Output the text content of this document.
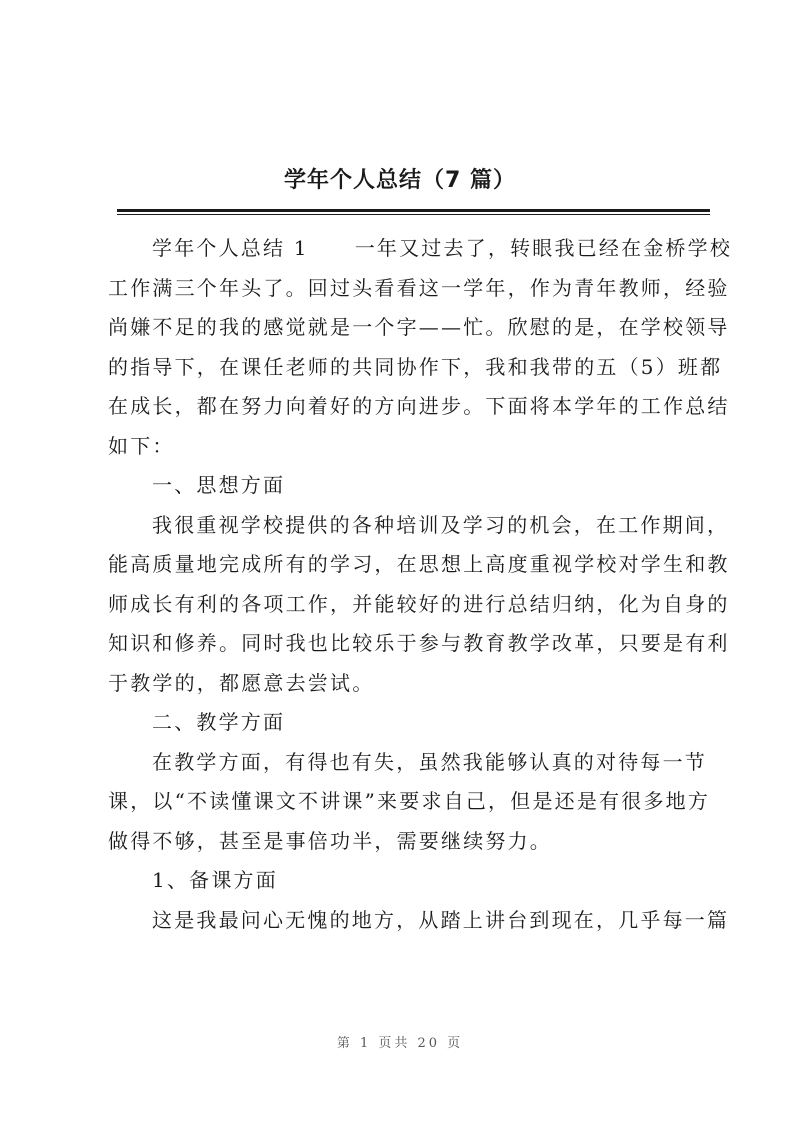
学年个人总结（7 篇）
学年个人总结 1 一年又过去了，转眼我已经在金桥学校
工作满三个年头了。回过头看看这一学年，作为青年教师，经验
尚嫌不足的我的感觉就是一个字——忙。欣慰的是，在学校领导
的指导下，在课任老师的共同协作下，我和我带的五（5）班都
在成长，都在努力向着好的方向进步。下面将本学年的工作总结
如下：
一、思想方面
我很重视学校提供的各种培训及学习的机会，在工作期间，
能高质量地完成所有的学习，在思想上高度重视学校对学生和教
师成长有利的各项工作，并能较好的进行总结归纳，化为自身的
知识和修养。同时我也比较乐于参与教育教学改革，只要是有利
于教学的，都愿意去尝试。
二、教学方面
在教学方面，有得也有失，虽然我能够认真的对待每一节
课，以“不读懂课文不讲课”来要求自己，但是还是有很多地方
做得不够，甚至是事倍功半，需要继续努力。
1、备课方面
这是我最问心无愧的地方，从踏上讲台到现在，几乎每一篇
第 1 页共 20 页
